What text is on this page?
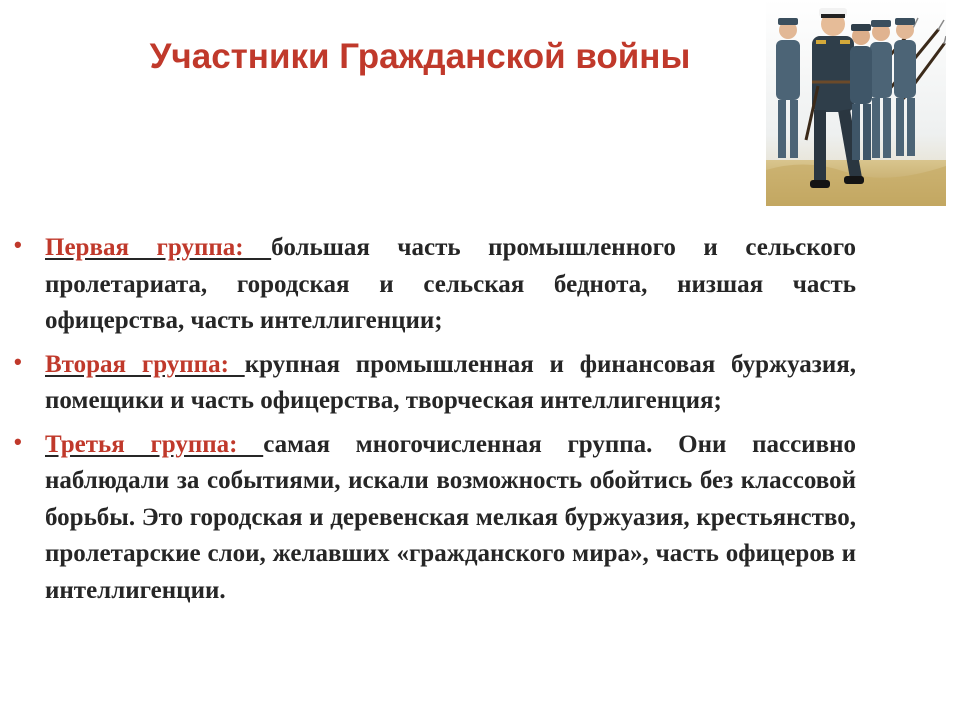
Участники Гражданской войны
• Первая группа: большая часть промышленного и сельского пролетариата, городская и сельская беднота, низшая часть офицерства, часть интеллигенции;
• Вторая группа: крупная промышленная и финансовая буржуазия, помещики и часть офицерства, творческая интеллигенция;
• Третья группа: самая многочисленная группа. Они пассивно наблюдали за событиями, искали возможность обойтись без классовой борьбы. Это городская и деревенская мелкая буржуазия, крестьянство, пролетарские слои, желавших «гражданского мира», часть офицеров и интеллигенции.
